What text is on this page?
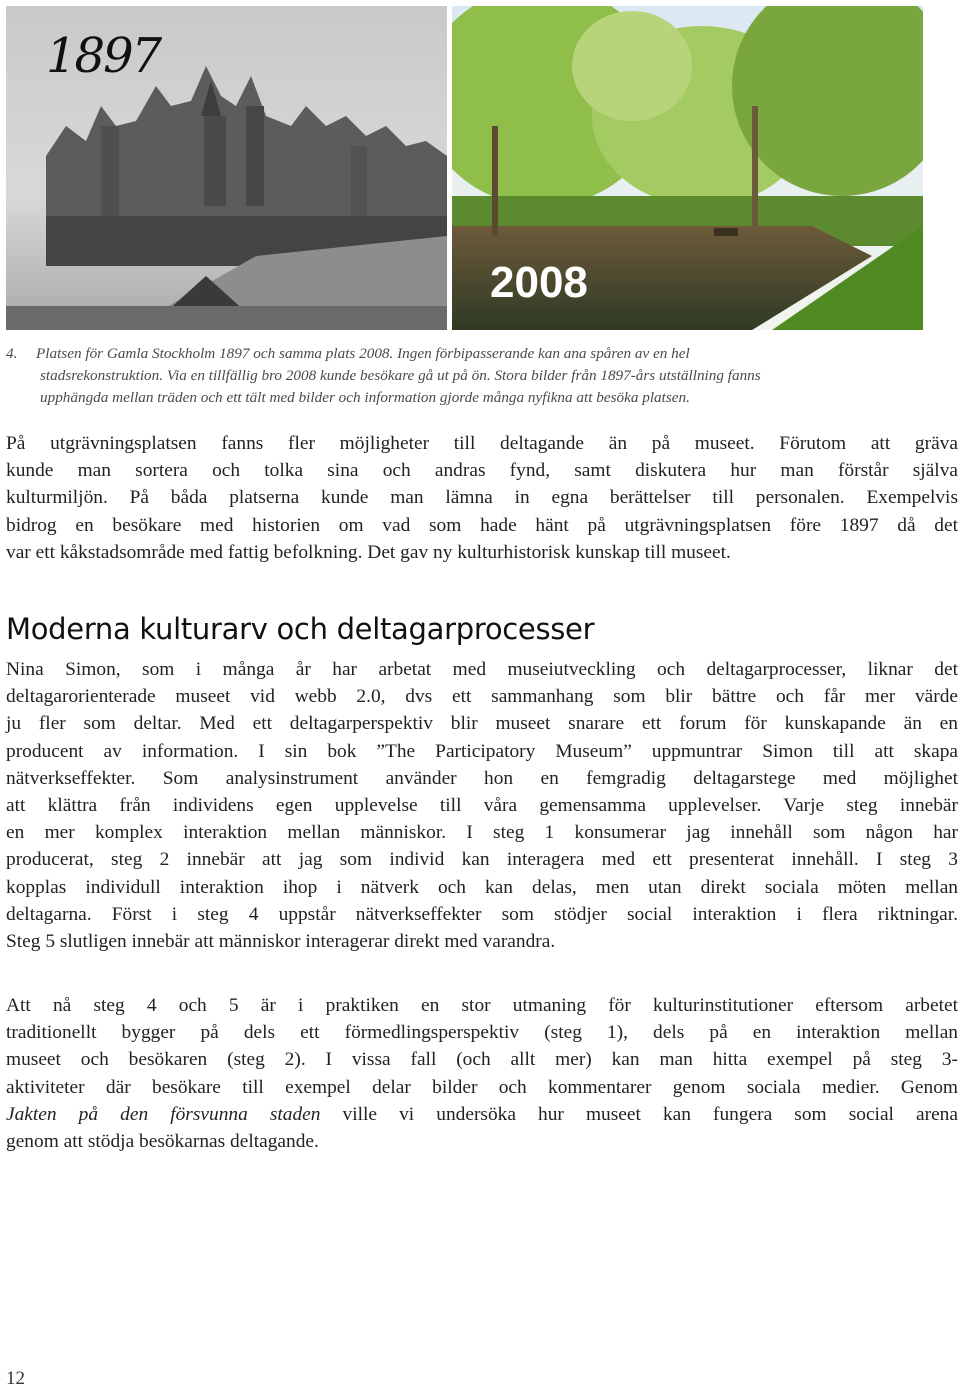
1897
2008
4. Platsen för Gamla Stockholm 1897 och samma plats 2008. Ingen förbipasserande kan ana spåren av en hel
stadsrekonstruktion. Via en tillfällig bro 2008 kunde besökare gå ut på ön. Stora bilder från 1897-års utställning fanns
upphängda mellan träden och ett tält med bilder och information gjorde många nyfikna att besöka platsen.
På utgrävningsplatsen fanns fler möjligheter till deltagande än på museet. Förutom att gräva
kunde man sortera och tolka sina och andras fynd, samt diskutera hur man förstår själva
kulturmiljön. På båda platserna kunde man lämna in egna berättelser till personalen. Exempelvis
bidrog en besökare med historien om vad som hade hänt på utgrävningsplatsen före 1897 då det
var ett kåkstadsområde med fattig befolkning. Det gav ny kulturhistorisk kunskap till museet.
Moderna kulturarv och deltagarprocesser
Nina Simon, som i många år har arbetat med museiutveckling och deltagarprocesser, liknar det
deltagarorienterade museet vid webb 2.0, dvs ett sammanhang som blir bättre och får mer värde
ju fler som deltar. Med ett deltagarperspektiv blir museet snarare ett forum för kunskapande än en
producent av information. I sin bok ”The Participatory Museum” uppmuntrar Simon till att skapa
nätverkseffekter. Som analysinstrument använder hon en femgradig deltagarstege med möjlighet
att klättra från individens egen upplevelse till våra gemensamma upplevelser. Varje steg innebär
en mer komplex interaktion mellan människor. I steg 1 konsumerar jag innehåll som någon har
producerat, steg 2 innebär att jag som individ kan interagera med ett presenterat innehåll. I steg 3
kopplas individull interaktion ihop i nätverk och kan delas, men utan direkt sociala möten mellan
deltagarna. Först i steg 4 uppstår nätverkseffekter som stödjer social interaktion i flera riktningar.
Steg 5 slutligen innebär att människor interagerar direkt med varandra.
Att nå steg 4 och 5 är i praktiken en stor utmaning för kulturinstitutioner eftersom arbetet
traditionellt bygger på dels ett förmedlingsperspektiv (steg 1), dels på en interaktion mellan
museet och besökaren (steg 2). I vissa fall (och allt mer) kan man hitta exempel på steg 3-
aktiviteter där besökare till exempel delar bilder och kommentarer genom sociala medier. Genom
Jakten på den försvunna staden ville vi undersöka hur museet kan fungera som social arena
genom att stödja besökarnas deltagande.
12
